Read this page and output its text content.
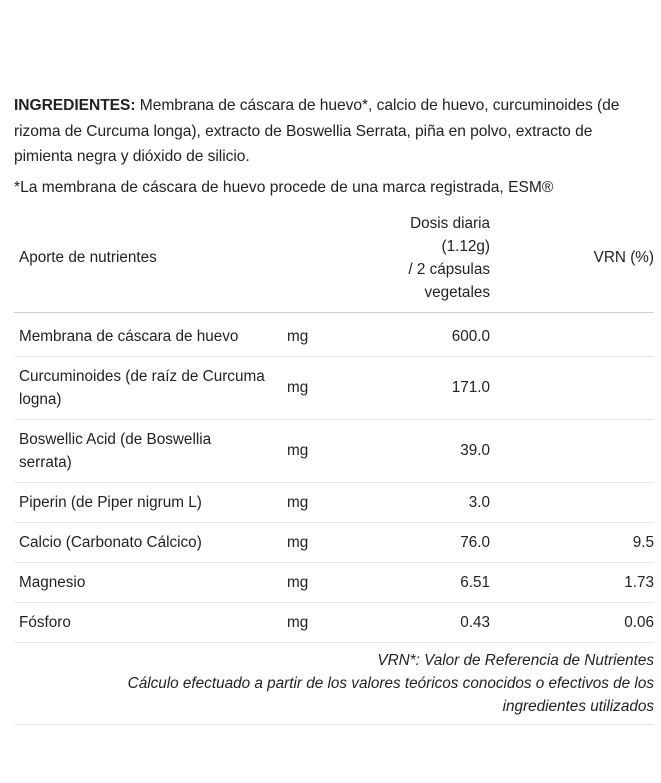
INGREDIENTES: Membrana de cáscara de huevo*, calcio de huevo, curcuminoides (de rizoma de Curcuma longa), extracto de Boswellia Serrata, piña en polvo, extracto de pimienta negra y dióxido de silicio.

*La membrana de cáscara de huevo procede de una marca registrada, ESM®

Aporte de nutrientes		Dosis diaria (1.12g)
/ 2 cápsulas
vegetales	VRN (%)
Membrana de cáscara de huevo	mg	600.0	
Curcuminoides (de raíz de Curcuma logna)	mg	171.0	
Boswellic Acid (de Boswellia serrata)	mg	39.0	
Piperin (de Piper nigrum L)	mg	3.0	
Calcio (Carbonato Cálcico)	mg	76.0	9.5
Magnesio	mg	6.51	1.73
Fósforo	mg	0.43	0.06
VRN*: Valor de Referencia de Nutrientes
Cálculo efectuado a partir de los valores teóricos conocidos o efectivos de los
ingredientes utilizados
